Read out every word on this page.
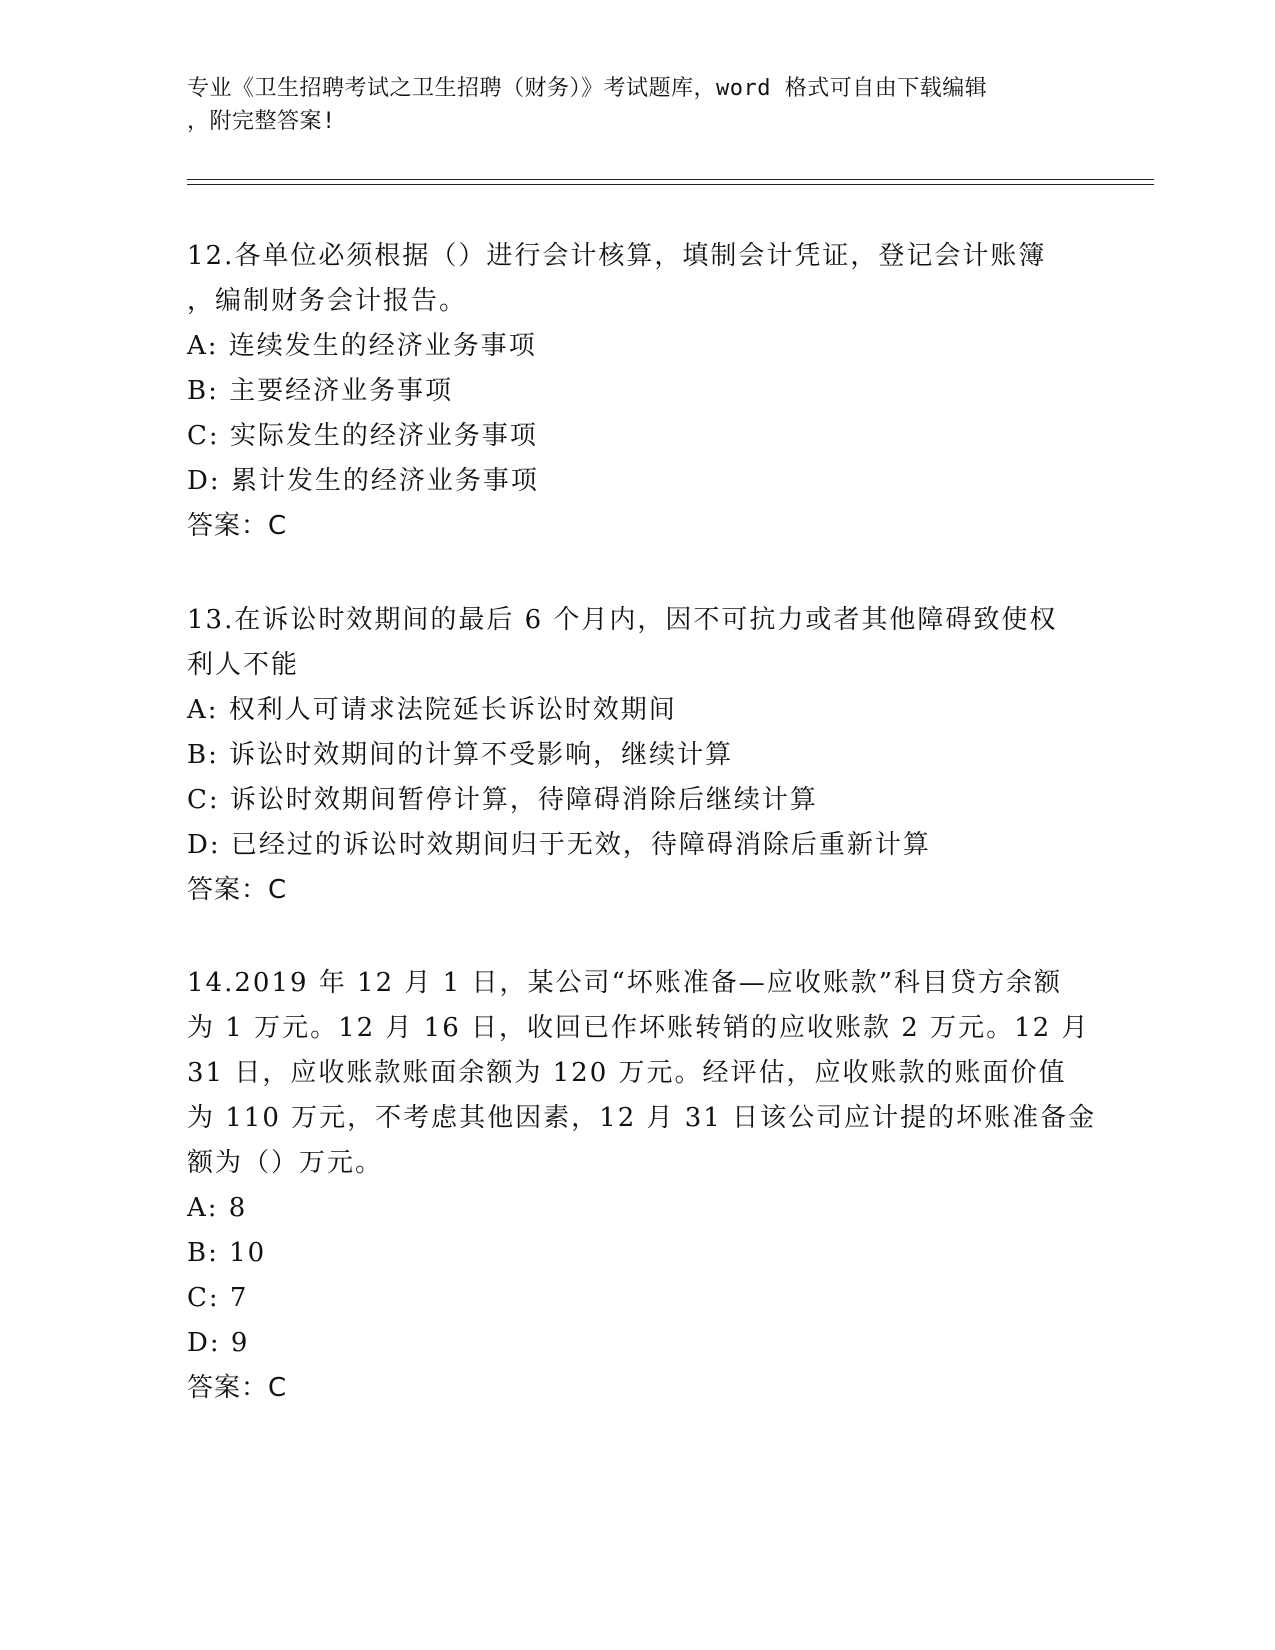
专业《卫生招聘考试之卫生招聘（财务）》考试题库，word 格式可自由下载编辑
，附完整答案!
12.各单位必须根据（）进行会计核算，填制会计凭证，登记会计账簿
，编制财务会计报告。
A: 连续发生的经济业务事项
B: 主要经济业务事项
C: 实际发生的经济业务事项
D: 累计发生的经济业务事项
答案：C
13.在诉讼时效期间的最后 6 个月内，因不可抗力或者其他障碍致使权
利人不能
A: 权利人可请求法院延长诉讼时效期间
B: 诉讼时效期间的计算不受影响，继续计算
C: 诉讼时效期间暂停计算，待障碍消除后继续计算
D: 已经过的诉讼时效期间归于无效，待障碍消除后重新计算
答案：C
14.2019 年 12 月 1 日，某公司“坏账准备—应收账款”科目贷方余额
为 1 万元。12 月 16 日，收回已作坏账转销的应收账款 2 万元。12 月
31 日，应收账款账面余额为 120 万元。经评估，应收账款的账面价值
为 110 万元，不考虑其他因素，12 月 31 日该公司应计提的坏账准备金
额为（）万元。
A: 8
B: 10
C: 7
D: 9
答案：C
